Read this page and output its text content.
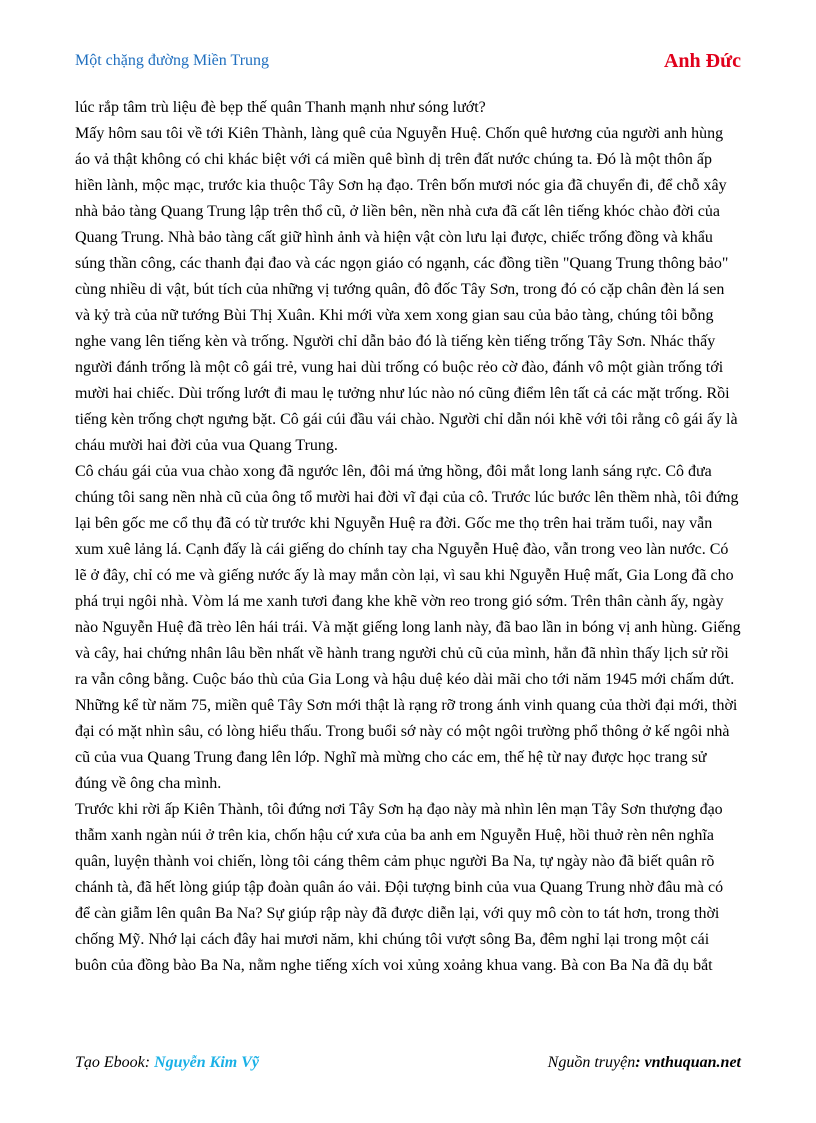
Một chặng đường Miền Trung	Anh Đức

lúc rắp tâm trù liệu đè bẹp thế quân Thanh mạnh như sóng lướt?

Mấy hôm sau tôi về tới Kiên Thành, làng quê của Nguyễn Huệ. Chốn quê hương của người anh hùng áo vả thật không có chi khác biệt với cá miền quê bình dị trên đất nước chúng ta. Đó là một thôn ấp hiền lành, mộc mạc, trước kia thuộc Tây Sơn hạ đạo. Trên bốn mươi nóc gia đã chuyển đi, để chỗ xây nhà bảo tàng Quang Trung lập trên thổ cũ, ở liền bên, nền nhà cưa đã cất lên tiếng khóc chào đời của Quang Trung. Nhà bảo tàng cất giữ hình ảnh và hiện vật còn lưu lại được, chiếc trống đồng và khẩu súng thần công, các thanh đại đao và các ngọn giáo có ngạnh, các đồng tiền "Quang Trung thông bảo" cùng nhiều di vật, bút tích của những vị tướng quân, đô đốc Tây Sơn, trong đó có cặp chân đèn lá sen và kỷ trà của nữ tướng Bùi Thị Xuân. Khi mới vừa xem xong gian sau của bảo tàng, chúng tôi bỗng nghe vang lên tiếng kèn và trống. Người chỉ dẫn bảo đó là tiếng kèn tiếng trống Tây Sơn. Nhác thấy người đánh trống là một cô gái trẻ, vung hai dùi trống có buộc rẻo cờ đào, đánh vô một giàn trống tới mười hai chiếc. Dùi trống lướt đi mau lẹ tưởng như lúc nào nó cũng điểm lên tất cả các mặt trống. Rồi tiếng kèn trống chợt ngưng bặt. Cô gái cúi đầu vái chào. Người chỉ dẫn nói khẽ với tôi rằng cô gái ấy là cháu mười hai đời của vua Quang Trung.

Cô cháu gái của vua chào xong đã ngước lên, đôi má ửng hồng, đôi mắt long lanh sáng rực. Cô đưa chúng tôi sang nền nhà cũ của ông tổ mười hai đời vĩ đại của cô. Trước lúc bước lên thềm nhà, tôi đứng lại bên gốc me cổ thụ đã có từ trước khi Nguyễn Huệ ra đời. Gốc me thọ trên hai trăm tuổi, nay vẫn xum xuê lảng lá. Cạnh đấy là cái giếng do chính tay cha Nguyễn Huệ đào, vẫn trong veo làn nước. Có lẽ ở đây, chỉ có me và giếng nước ấy là may mắn còn lại, vì sau khi Nguyễn Huệ mất, Gia Long đã cho phá trụi ngôi nhà. Vòm lá me xanh tươi đang khe khẽ vờn reo trong gió sớm. Trên thân cành ấy, ngày nào Nguyễn Huệ đã trèo lên hái trái. Và mặt giếng long lanh này, đã bao lần in bóng vị anh hùng. Giếng và cây, hai chứng nhân lâu bền nhất về hành trang người chủ cũ của mình, hẳn đã nhìn thấy lịch sử rồi ra vẫn công bằng. Cuộc báo thù của Gia Long và hậu duệ kéo dài mãi cho tới năm 1945 mới chấm dứt. Những kể từ năm 75, miền quê Tây Sơn mới thật là rạng rỡ trong ánh vinh quang của thời đại mới, thời đại có mặt nhìn sâu, có lòng hiểu thấu. Trong buổi sớ này có một ngôi trường phổ thông ở kế ngôi nhà cũ của vua Quang Trung đang lên lớp. Nghĩ mà mừng cho các em, thế hệ từ nay được học trang sử đúng về ông cha mình.

Trước khi rời ấp Kiên Thành, tôi đứng nơi Tây Sơn hạ đạo này mà nhìn lên mạn Tây Sơn thượng đạo thẫm xanh ngàn núi ở trên kia, chốn hậu cứ xưa của ba anh em Nguyễn Huệ, hồi thuở rèn nên nghĩa quân, luyện thành voi chiến, lòng tôi cáng thêm cảm phục người Ba Na, tự ngày nào đã biết quân rõ chánh tà, đã hết lòng giúp tập đoàn quân áo vải. Đội tượng binh của vua Quang Trung nhờ đâu mà có để càn giẫm lên quân Ba Na? Sự giúp rập này đã được diễn lại, với quy mô còn to tát hơn, trong thời chống Mỹ. Nhớ lại cách đây hai mươi năm, khi chúng tôi vượt sông Ba, đêm nghỉ lại trong một cái buôn của đồng bào Ba Na, nằm nghe tiếng xích voi xủng xoảng khua vang. Bà con Ba Na đã dụ bắt

Tạo Ebook: Nguyễn Kim Vỹ	Nguồn truyện: vnthuquan.net
